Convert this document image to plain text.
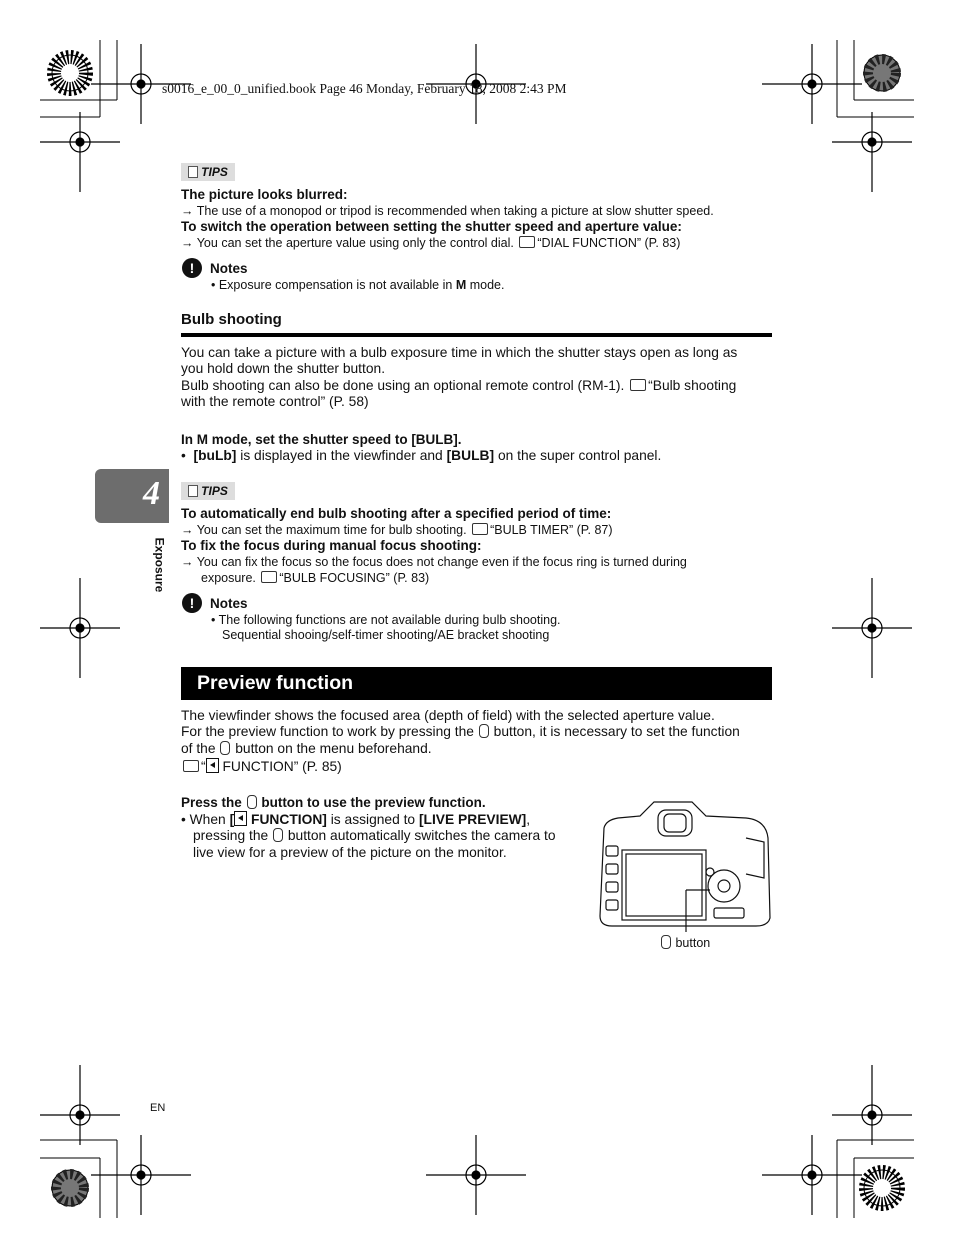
s0016_e_00_0_unified.book Page 46 Monday, February 18, 2008 2:43 PM
TIPS
The picture looks blurred:
→ The use of a monopod or tripod is recommended when taking a picture at slow shutter speed.
To switch the operation between setting the shutter speed and aperture value:
→ You can set the aperture value using only the control dial. “DIAL FUNCTION” (P. 83)
!	Notes
• Exposure compensation is not available in M mode.
Bulb shooting
You can take a picture with a bulb exposure time in which the shutter stays open as long as
you hold down the shutter button.
Bulb shooting can also be done using an optional remote control (RM-1). “Bulb shooting
with the remote control” (P. 58)
In M mode, set the shutter speed to [BULB].
•  [buLb] is displayed in the viewfinder and [BULB] on the super control panel.
4
Exposure
TIPS
To automatically end bulb shooting after a specified period of time:
→ You can set the maximum time for bulb shooting. “BULB TIMER” (P. 87)
To fix the focus during manual focus shooting:
→ You can fix the focus so the focus does not change even if the focus ring is turned during
exposure. “BULB FOCUSING” (P. 83)
!	Notes
• The following functions are not available during bulb shooting.
Sequential shooing/self-timer shooting/AE bracket shooting
Preview function
The viewfinder shows the focused area (depth of field) with the selected aperture value.
For the preview function to work by pressing the button, it is necessary to set the function
of the button on the menu beforehand.
“ FUNCTION” (P. 85)
Press the button to use the preview function.
• When [ FUNCTION] is assigned to [LIVE PREVIEW],
pressing the button automatically switches the camera to
live view for a preview of the picture on the monitor.
button
EN
